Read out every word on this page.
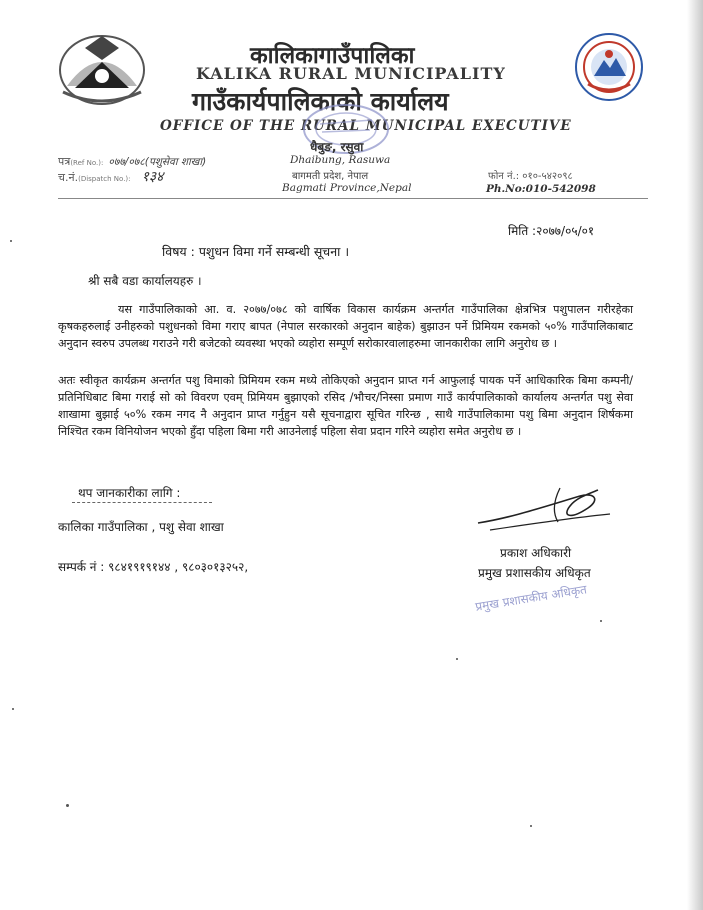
कालिकागाउँपालिका
KALIKA RURAL MUNICIPALITY
गाउँकार्यपालिकाको कार्यालय
OFFICE OF THE RURAL MUNICIPAL EXECUTIVE
धैबुङ, रसुवा
Dhaibung, Rasuwa
बागमती प्रदेश, नेपाल
Bagmati Province,Nepal
पत्र(Ref No.): ०७७/०७८(पशुसेवा शाखा)
च.नं.(Dispatch No.): १३४	फोन नं.: ०१०-५४२०९८
Ph.No:010-542098
मिति :२०७७/०५/०१
विषय : पशुधन विमा गर्ने सम्बन्धी सूचना ।
श्री सबै वडा कार्यालयहरु ।
यस गाउँपालिकाको आ. व. २०७७/०७८ को वार्षिक विकास कार्यक्रम अन्तर्गत गाउँपालिका क्षेत्रभित्र पशुपालन गरीरहेका कृषकहरुलाई उनीहरुको पशुधनको विमा गराए बापत (नेपाल सरकारको अनुदान बाहेक) बुझाउन पर्ने प्रिमियम रकमको ५०% गाउँपालिकाबाट अनुदान स्वरुप उपलब्ध गराउने गरी बजेटको व्यवस्था भएको व्यहोरा सम्पूर्ण सरोकारवालाहरुमा जानकारीका लागि अनुरोध छ ।
अतः स्वीकृत कार्यक्रम अन्तर्गत पशु विमाको प्रिमियम रकम मध्ये तोकिएको अनुदान प्राप्त गर्न आफुलाई पायक पर्ने आधिकारिक बिमा कम्पनी/प्रतिनिधिबाट बिमा गराई सो को विवरण एवम् प्रिमियम बुझाएको रसिद /भौचर/निस्सा प्रमाण गाउँ कार्यपालिकाको कार्यालय अन्तर्गत पशु सेवा शाखामा बुझाई ५०% रकम नगद नै अनुदान प्राप्त गर्नुहुन यसै सूचनाद्वारा सूचित गरिन्छ , साथै गाउँपालिकामा पशु बिमा अनुदान शिर्षकमा निश्चित रकम विनियोजन भएको हुँदा पहिला बिमा गरी आउनेलाई पहिला सेवा प्रदान गरिने व्यहोरा समेत अनुरोध छ ।
थप जानकारीका लागि :
कालिका गाउँपालिका , पशु सेवा शाखा
सम्पर्क नं : ९८४१९१९१४४ , ९८०३०१३२५२,
प्रकाश अधिकारी
प्रमुख प्रशासकीय अधिकृत
प्रमुख प्रशासकीय अधिकृत
